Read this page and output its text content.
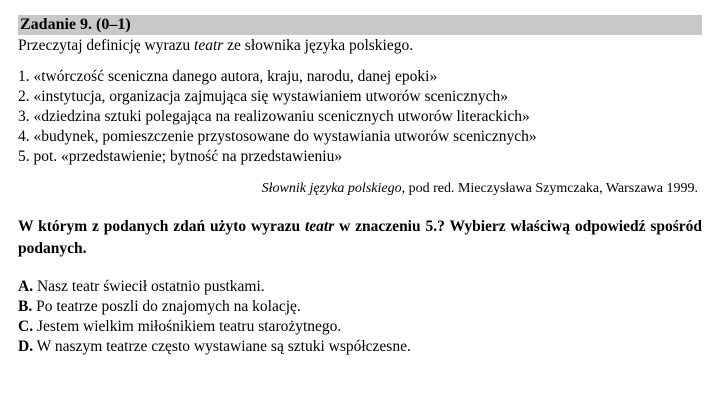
Zadanie 9. (0–1)
Przeczytaj definicję wyrazu teatr ze słownika języka polskiego.
1. «twórczość sceniczna danego autora, kraju, narodu, danej epoki»
2. «instytucja, organizacja zajmująca się wystawianiem utworów scenicznych»
3. «dziedzina sztuki polegająca na realizowaniu scenicznych utworów literackich»
4. «budynek, pomieszczenie przystosowane do wystawiania utworów scenicznych»
5. pot. «przedstawienie; bytność na przedstawieniu»
Słownik języka polskiego, pod red. Mieczysława Szymczaka, Warszawa 1999.
W którym z podanych zdań użyto wyrazu teatr w znaczeniu 5.? Wybierz właściwą odpowiedź spośród podanych.
A. Nasz teatr świecił ostatnio pustkami.
B. Po teatrze poszli do znajomych na kolację.
C. Jestem wielkim miłośnikiem teatru starożytnego.
D. W naszym teatrze często wystawiane są sztuki współczesne.
